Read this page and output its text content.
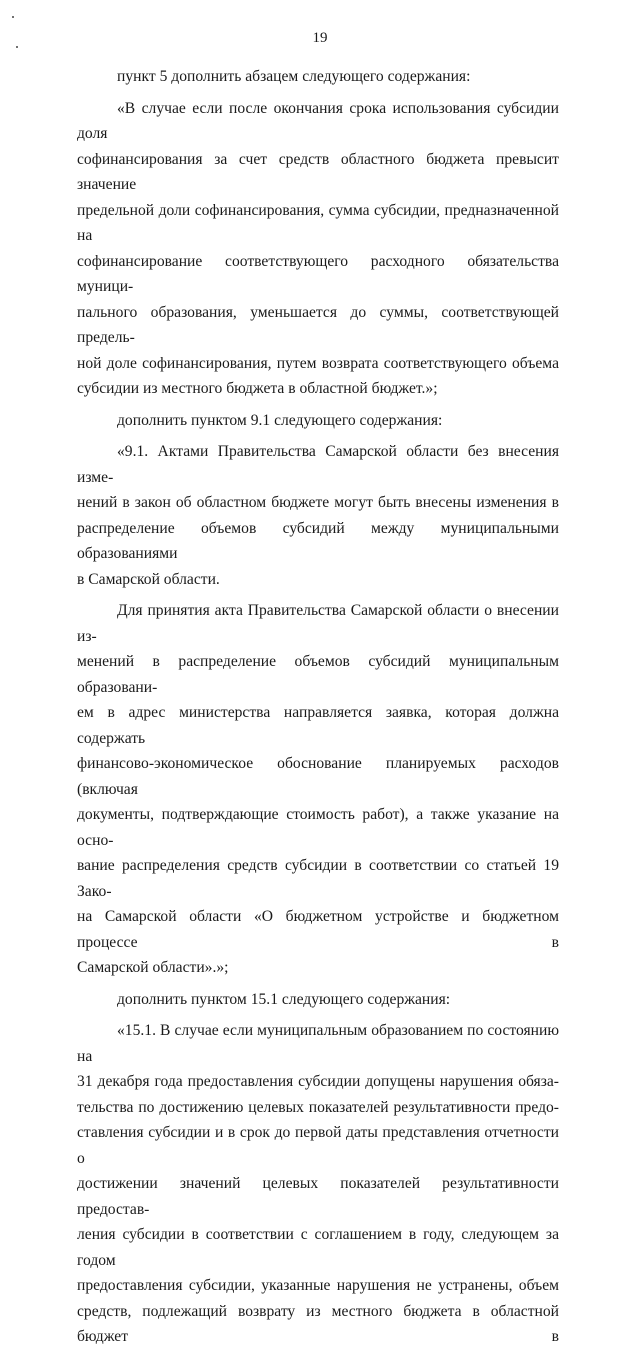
19
пункт 5 дополнить абзацем следующего содержания:
«В случае если после окончания срока использования субсидии доля
софинансирования за счет средств областного бюджета превысит значение
предельной доли софинансирования, сумма субсидии, предназначенной на
софинансирование соответствующего расходного обязательства муници-
пального образования, уменьшается до суммы, соответствующей предель-
ной доле софинансирования, путем возврата соответствующего объема
субсидии из местного бюджета в областной бюджет.»;
дополнить пунктом 9.1 следующего содержания:
«9.1. Актами Правительства Самарской области без внесения изме-
нений в закон об областном бюджете могут быть внесены изменения в
распределение объемов субсидий между муниципальными образованиями
в Самарской области.
Для принятия акта Правительства Самарской области о внесении из-
менений в распределение объемов субсидий муниципальным образовани-
ем в адрес министерства направляется заявка, которая должна содержать
финансово-экономическое обоснование планируемых расходов (включая
документы, подтверждающие стоимость работ), а также указание на осно-
вание распределения средств субсидии в соответствии со статьей 19 Зако-
на Самарской области «О бюджетном устройстве и бюджетном процессе в
Самарской области».»;
дополнить пунктом 15.1 следующего содержания:
«15.1. В случае если муниципальным образованием по состоянию на
31 декабря года предоставления субсидии допущены нарушения обяза-
тельства по достижению целевых показателей результативности предо-
ставления субсидии и в срок до первой даты представления отчетности о
достижении значений целевых показателей результативности предостав-
ления субсидии в соответствии с соглашением в году, следующем за годом
предоставления субсидии, указанные нарушения не устранены, объем
средств, подлежащий возврату из местного бюджета в областной бюджет в
